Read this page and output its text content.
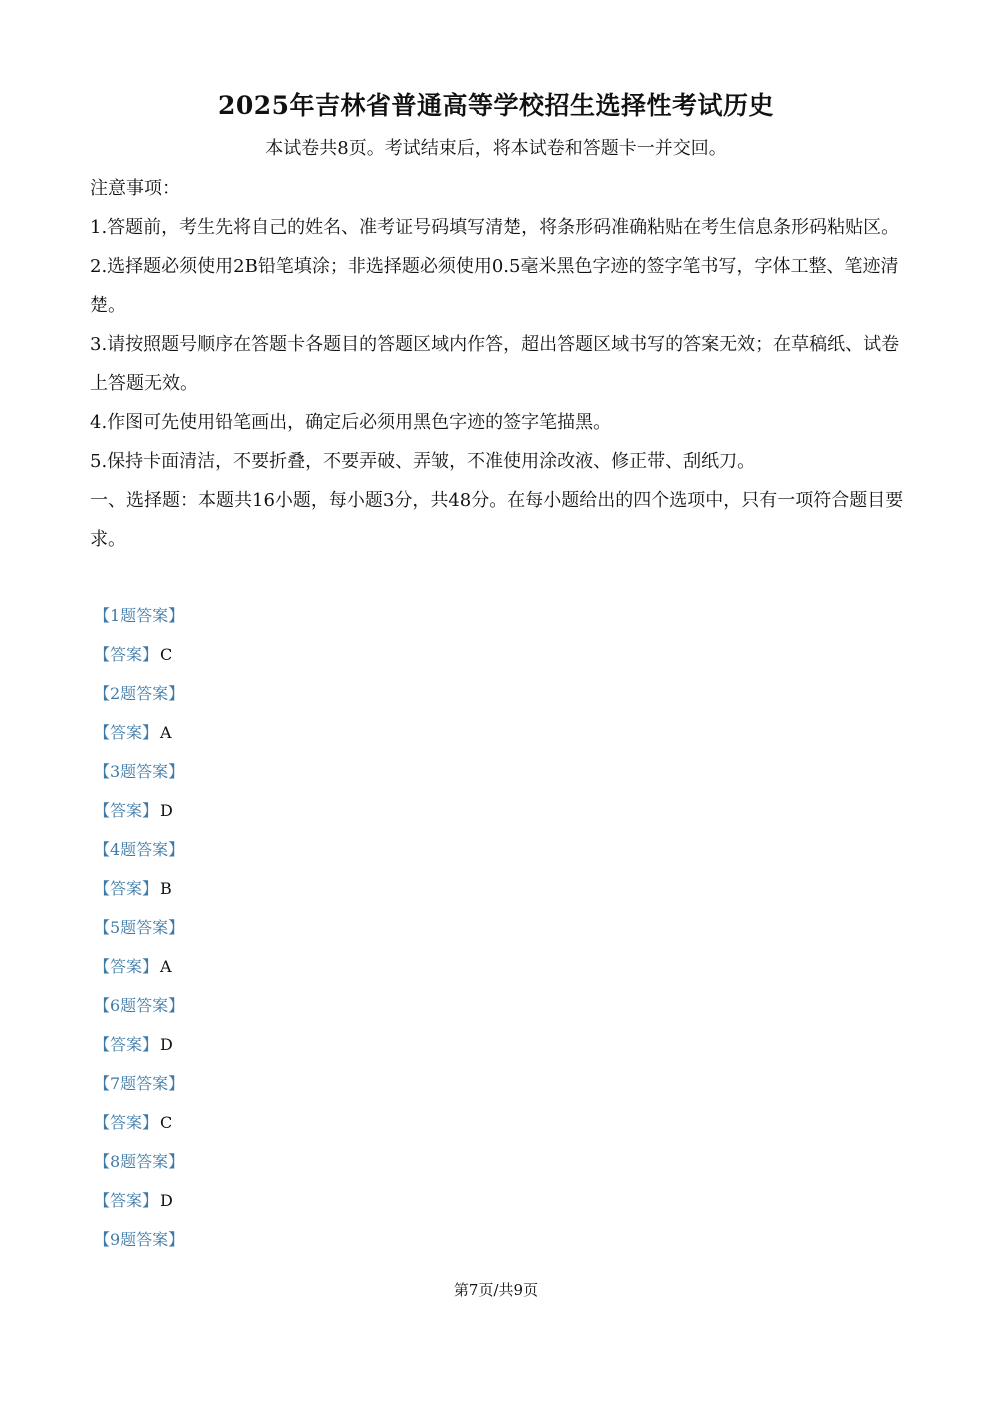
2025年吉林省普通高等学校招生选择性考试历史
本试卷共8页。考试结束后，将本试卷和答题卡一并交回。

注意事项：

1.答题前，考生先将自己的姓名、准考证号码填写清楚，将条形码准确粘贴在考生信息条形码粘贴区。

2.选择题必须使用2B铅笔填涂；非选择题必须使用0.5毫米黑色字迹的签字笔书写，字体工整、笔迹清楚。

3.请按照题号顺序在答题卡各题目的答题区域内作答，超出答题区域书写的答案无效；在草稿纸、试卷上答题无效。

4.作图可先使用铅笔画出，确定后必须用黑色字迹的签字笔描黑。

5.保持卡面清洁，不要折叠，不要弄破、弄皱，不准使用涂改液、修正带、刮纸刀。

一、选择题：本题共16小题，每小题3分，共48分。在每小题给出的四个选项中，只有一项符合题目要求。

【1题答案】
【答案】 C
【2题答案】
【答案】 A
【3题答案】
【答案】 D
【4题答案】
【答案】 B
【5题答案】
【答案】 A
【6题答案】
【答案】 D
【7题答案】
【答案】 C
【8题答案】
【答案】 D
【9题答案】
第7页/共9页
